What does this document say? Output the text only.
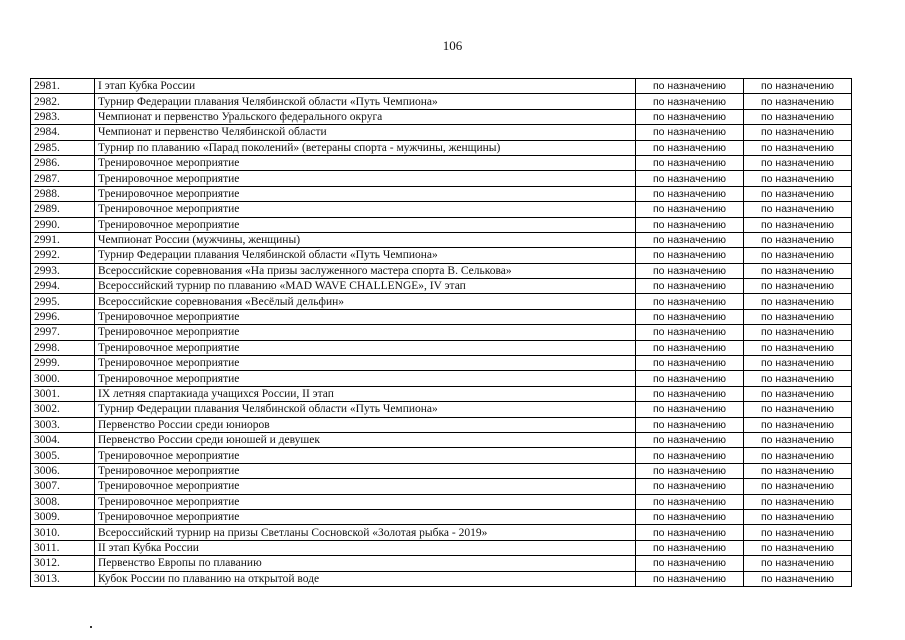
106
2981.	I этап Кубка России	по назначению	по назначению
2982.	Турнир Федерации плавания Челябинской области «Путь Чемпиона»	по назначению	по назначению
2983.	Чемпионат и первенство Уральского федерального округа	по назначению	по назначению
2984.	Чемпионат и первенство Челябинской области	по назначению	по назначению
2985.	Турнир по плаванию «Парад поколений» (ветераны спорта - мужчины, женщины)	по назначению	по назначению
2986.	Тренировочное мероприятие	по назначению	по назначению
2987.	Тренировочное мероприятие	по назначению	по назначению
2988.	Тренировочное мероприятие	по назначению	по назначению
2989.	Тренировочное мероприятие	по назначению	по назначению
2990.	Тренировочное мероприятие	по назначению	по назначению
2991.	Чемпионат России (мужчины, женщины)	по назначению	по назначению
2992.	Турнир Федерации плавания Челябинской области «Путь Чемпиона»	по назначению	по назначению
2993.	Всероссийские соревнования «На призы заслуженного мастера спорта В. Селькова»	по назначению	по назначению
2994.	Всероссийский турнир по плаванию «MAD WAVE CHALLENGE», IV этап	по назначению	по назначению
2995.	Всероссийские соревнования «Весёлый дельфин»	по назначению	по назначению
2996.	Тренировочное мероприятие	по назначению	по назначению
2997.	Тренировочное мероприятие	по назначению	по назначению
2998.	Тренировочное мероприятие	по назначению	по назначению
2999.	Тренировочное мероприятие	по назначению	по назначению
3000.	Тренировочное мероприятие	по назначению	по назначению
3001.	IX летняя спартакиада учащихся России, II этап	по назначению	по назначению
3002.	Турнир Федерации плавания Челябинской области «Путь Чемпиона»	по назначению	по назначению
3003.	Первенство России среди юниоров	по назначению	по назначению
3004.	Первенство России среди юношей и девушек	по назначению	по назначению
3005.	Тренировочное мероприятие	по назначению	по назначению
3006.	Тренировочное мероприятие	по назначению	по назначению
3007.	Тренировочное мероприятие	по назначению	по назначению
3008.	Тренировочное мероприятие	по назначению	по назначению
3009.	Тренировочное мероприятие	по назначению	по назначению
3010.	Всероссийский турнир на призы Светланы Сосновской «Золотая рыбка - 2019»	по назначению	по назначению
3011.	II этап Кубка России	по назначению	по назначению
3012.	Первенство Европы по плаванию	по назначению	по назначению
3013.	Кубок России по плаванию на открытой воде	по назначению	по назначению
